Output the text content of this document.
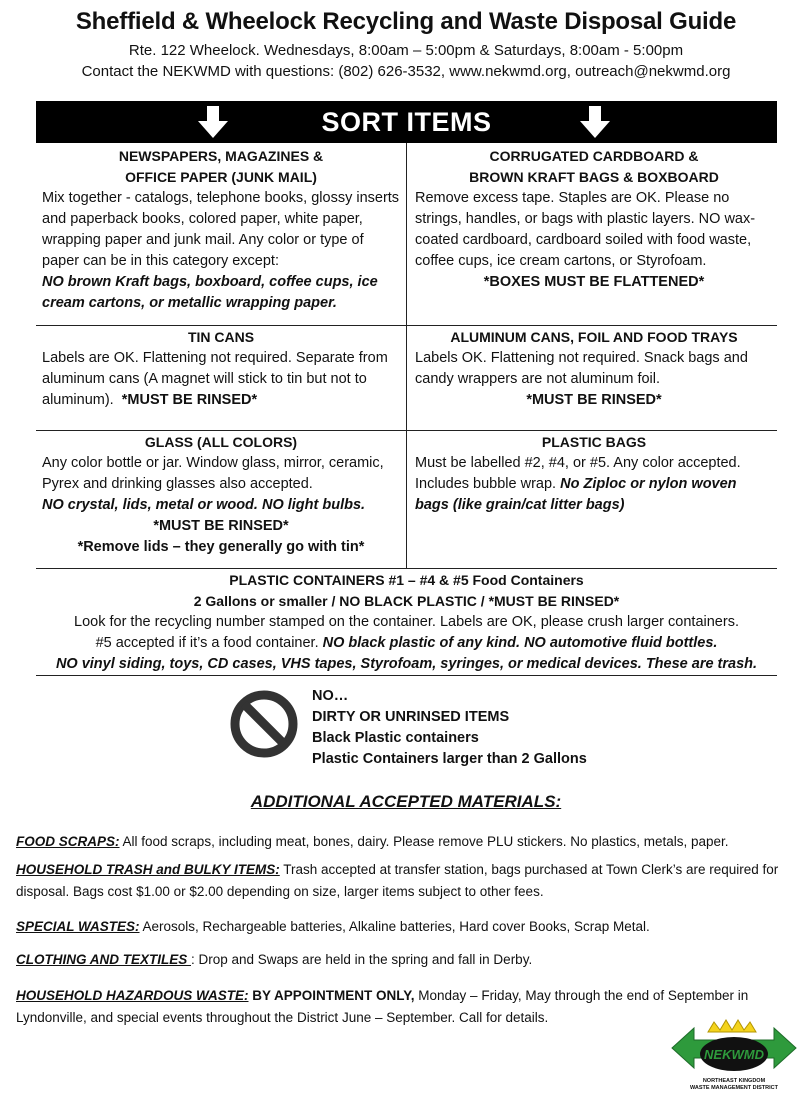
Sheffield & Wheelock Recycling and Waste Disposal Guide
Rte. 122 Wheelock. Wednesdays, 8:00am – 5:00pm & Saturdays, 8:00am - 5:00pm
Contact the NEKWMD with questions: (802) 626-3532, www.nekwmd.org, outreach@nekwmd.org
SORT ITEMS
NEWSPAPERS, MAGAZINES &
OFFICE PAPER (JUNK MAIL)

Mix together - catalogs, telephone books, glossy inserts and paperback books, colored paper, white paper, wrapping paper and junk mail. Any color or type of paper can be in this category except:

NO brown Kraft bags, boxboard, coffee cups, ice cream cartons, or metallic wrapping paper.

CORRUGATED CARDBOARD &
BROWN KRAFT BAGS & BOXBOARD

Remove excess tape. Staples are OK. Please no strings, handles, or bags with plastic layers. NO wax-coated cardboard, cardboard soiled with food waste, coffee cups, ice cream cartons, or Styrofoam.

*BOXES MUST BE FLATTENED*

TIN CANS

Labels are OK. Flattening not required. Separate from aluminum cans (A magnet will stick to tin but not to aluminum). *MUST BE RINSED*

ALUMINUM CANS, FOIL AND FOOD TRAYS

Labels OK. Flattening not required. Snack bags and candy wrappers are not aluminum foil.

*MUST BE RINSED*

GLASS (ALL COLORS)

Any color bottle or jar. Window glass, mirror, ceramic, Pyrex and drinking glasses also accepted.

NO crystal, lids, metal or wood. NO light bulbs.

*MUST BE RINSED*

*Remove lids – they generally go with tin*

PLASTIC BAGS

Must be labelled #2, #4, or #5. Any color accepted. Includes bubble wrap. No Ziploc or nylon woven bags (like grain/cat litter bags)

PLASTIC CONTAINERS #1 – #4 & #5 Food Containers
2 Gallons or smaller / NO BLACK PLASTIC / *MUST BE RINSED*
Look for the recycling number stamped on the container. Labels are OK, please crush larger containers.
#5 accepted if it’s a food container. NO black plastic of any kind. NO automotive fluid bottles.
NO vinyl siding, toys, CD cases, VHS tapes, Styrofoam, syringes, or medical devices. These are trash.
NO…
DIRTY OR UNRINSED ITEMS
Black Plastic containers
Plastic Containers larger than 2 Gallons
ADDITIONAL ACCEPTED MATERIALS:
FOOD SCRAPS: All food scraps, including meat, bones, dairy. Please remove PLU stickers. No plastics, metals, paper.
HOUSEHOLD TRASH and BULKY ITEMS: Trash accepted at transfer station, bags purchased at Town Clerk’s are required for disposal. Bags cost $1.00 or $2.00 depending on size, larger items subject to other fees.
SPECIAL WASTES: Aerosols, Rechargeable batteries, Alkaline batteries, Hard cover Books, Scrap Metal.
CLOTHING AND TEXTILES : Drop and Swaps are held in the spring and fall in Derby.
HOUSEHOLD HAZARDOUS WASTE: BY APPOINTMENT ONLY, Monday – Friday, May through the end of September in Lyndonville, and special events throughout the District June – September. Call for details.
NEKWMD
NORTHEAST KINGDOM
WASTE MANAGEMENT DISTRICT
